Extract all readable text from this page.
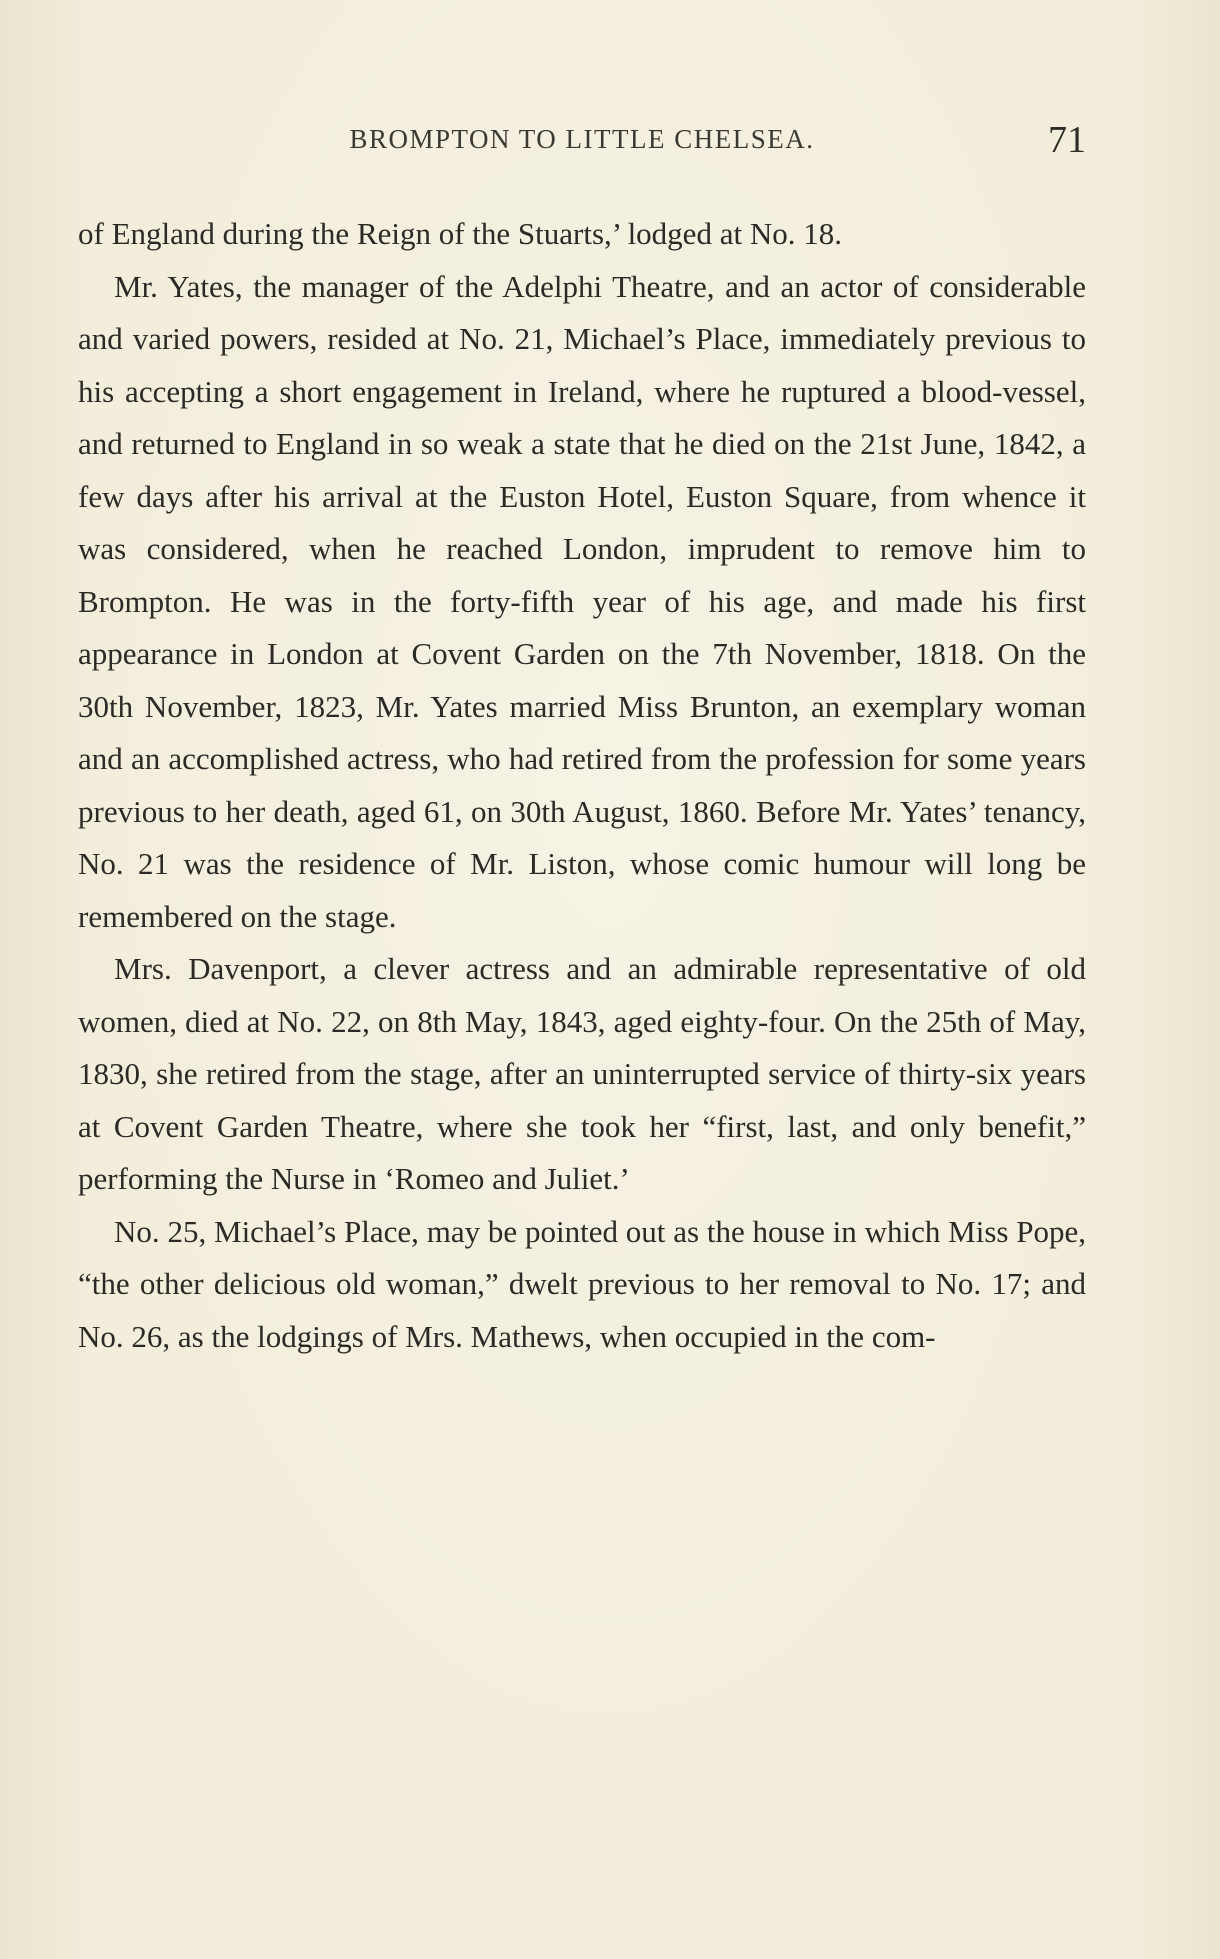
BROMPTON TO LITTLE CHELSEA.	71

of England during the Reign of the Stuarts,’ lodged at No. 18.

Mr. Yates, the manager of the Adelphi Theatre, and an actor of considerable and varied powers, resided at No. 21, Michael’s Place, immediately previous to his accepting a short engagement in Ireland, where he ruptured a blood-vessel, and returned to England in so weak a state that he died on the 21st June, 1842, a few days after his arrival at the Euston Hotel, Euston Square, from whence it was considered, when he reached London, imprudent to remove him to Brompton. He was in the forty-fifth year of his age, and made his first appearance in London at Covent Garden on the 7th November, 1818. On the 30th November, 1823, Mr. Yates married Miss Brunton, an exemplary woman and an accomplished actress, who had retired from the profession for some years previous to her death, aged 61, on 30th August, 1860. Before Mr. Yates’ tenancy, No. 21 was the residence of Mr. Liston, whose comic humour will long be remembered on the stage.

Mrs. Davenport, a clever actress and an admirable representative of old women, died at No. 22, on 8th May, 1843, aged eighty-four. On the 25th of May, 1830, she retired from the stage, after an uninterrupted service of thirty-six years at Covent Garden Theatre, where she took her “first, last, and only benefit,” performing the Nurse in ‘Romeo and Juliet.’

No. 25, Michael’s Place, may be pointed out as the house in which Miss Pope, “the other delicious old woman,” dwelt previous to her removal to No. 17; and No. 26, as the lodgings of Mrs. Mathews, when occupied in the com-
